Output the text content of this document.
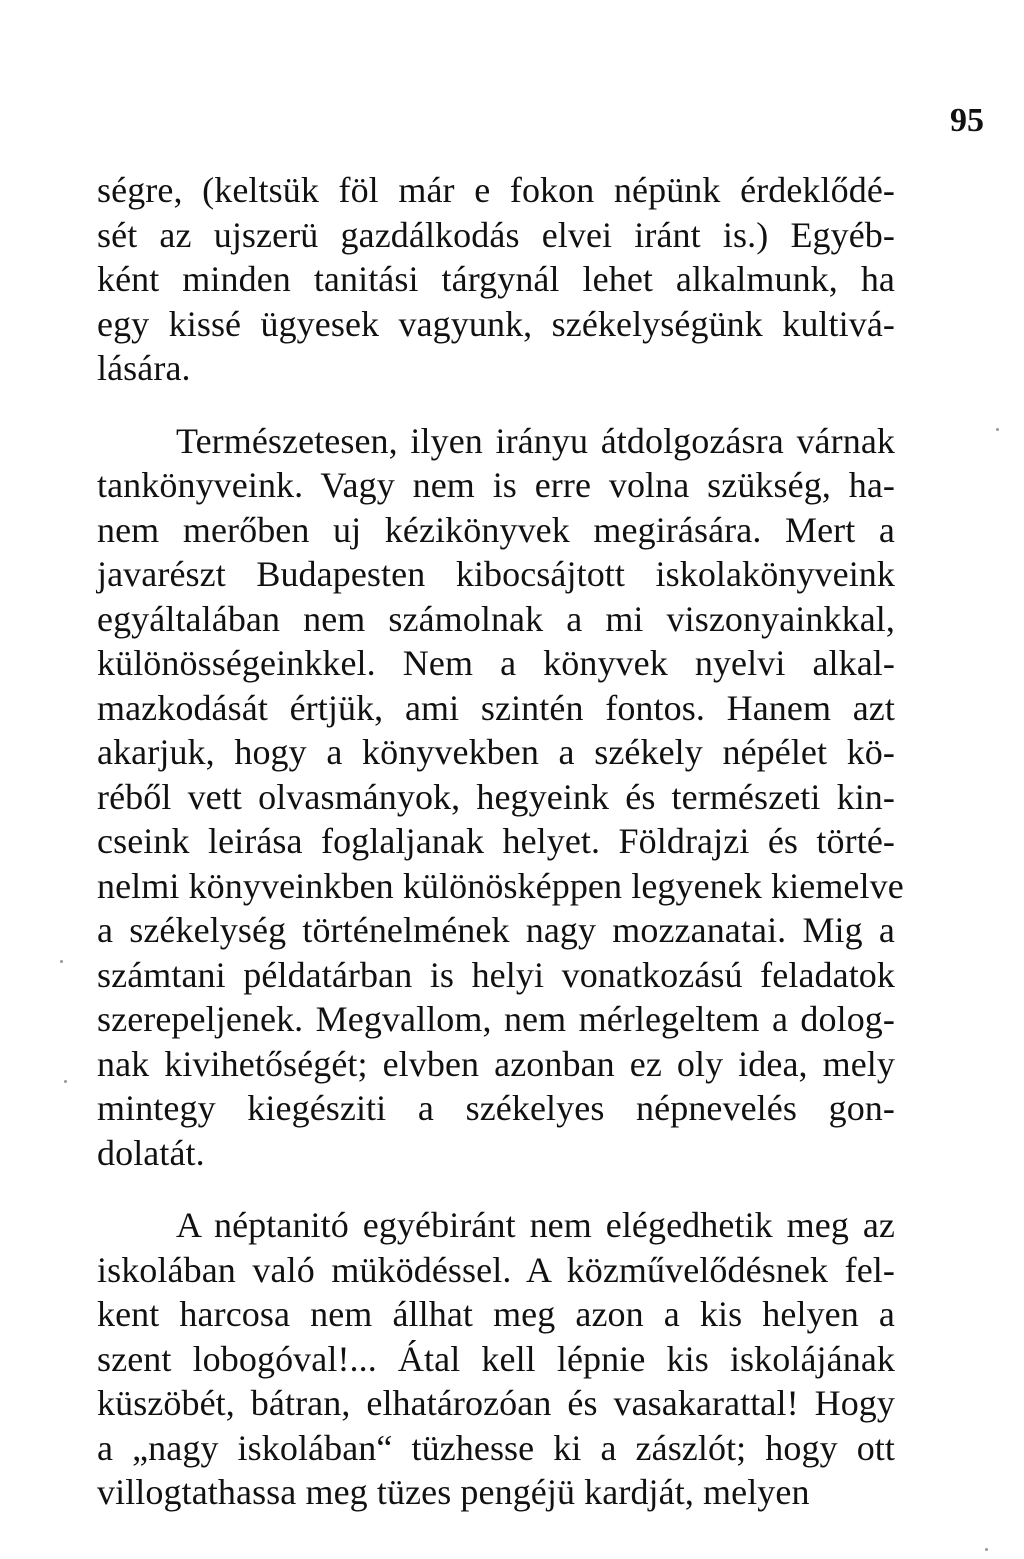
95
ségre, (keltsük föl már e fokon népünk érdeklődé-
sét az ujszerü gazdálkodás elvei iránt is.) Egyéb-
ként minden tanitási tárgynál lehet alkalmunk, ha
egy kissé ügyesek vagyunk, székelységünk kultivá-
lására.
Természetesen, ilyen irányu átdolgozásra várnak
tankönyveink. Vagy nem is erre volna szükség, ha-
nem merőben uj kézikönyvek megirására. Mert a
javarészt Budapesten kibocsájtott iskolakönyveink
egyáltalában nem számolnak a mi viszonyainkkal,
különösségeinkkel. Nem a könyvek nyelvi alkal-
mazkodását értjük, ami szintén fontos. Hanem azt
akarjuk, hogy a könyvekben a székely népélet kö-
réből vett olvasmányok, hegyeink és természeti kin-
cseink leirása foglaljanak helyet. Földrajzi és törté-
nelmi könyveinkben különösképpen legyenek kiemelve
a székelység történelmének nagy mozzanatai. Mig a
számtani példatárban is helyi vonatkozású feladatok
szerepeljenek. Megvallom, nem mérlegeltem a dolog-
nak kivihetőségét; elvben azonban ez oly idea, mely
mintegy kiegésziti a székelyes népnevelés gon-
dolatát.
A néptanitó egyébiránt nem elégedhetik meg az
iskolában való müködéssel. A közművelődésnek fel-
kent harcosa nem állhat meg azon a kis helyen a
szent lobogóval!... Átal kell lépnie kis iskolájának
küszöbét, bátran, elhatározóan és vasakarattal! Hogy
a „nagy iskolában“ tüzhesse ki a zászlót; hogy ott
villogtathassa meg tüzes pengéjü kardját, melyen
